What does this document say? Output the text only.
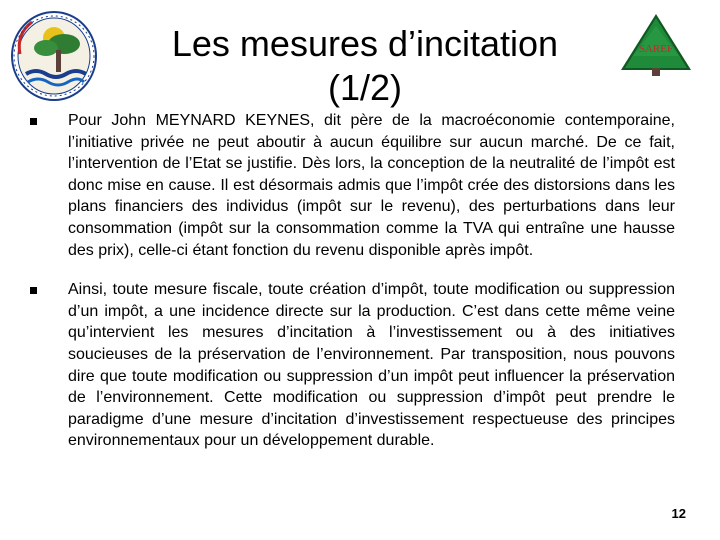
Les mesures d’incitation
(1/2)
SAREF
Pour John MEYNARD KEYNES, dit père de la macroéconomie contemporaine, l’initiative privée ne peut aboutir à aucun équilibre sur aucun marché. De ce fait, l’intervention de l’Etat se justifie. Dès lors, la conception de la neutralité de l’impôt est donc mise en cause. Il est désormais admis que l’impôt crée des distorsions dans les plans financiers des individus (impôt sur le revenu), des perturbations dans leur consommation (impôt sur la consommation comme la TVA qui entraîne une hausse des prix), celle-ci étant fonction du revenu disponible après impôt.
Ainsi, toute mesure fiscale, toute création d’impôt, toute modification ou suppression d’un impôt, a une incidence directe sur la production. C’est dans cette même veine qu’intervient les mesures d’incitation à l’investissement ou à des initiatives soucieuses de la préservation de l’environnement. Par transposition, nous pouvons dire que toute modification ou suppression d’un impôt peut influencer la préservation de l’environnement. Cette modification ou suppression d’impôt peut prendre le paradigme d’une mesure d’incitation d’investissement respectueuse des principes environnementaux pour un développement durable.
12
